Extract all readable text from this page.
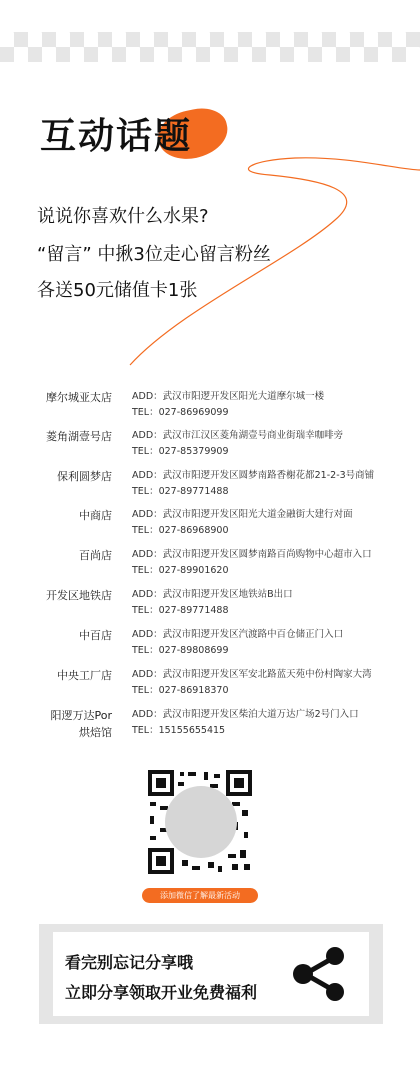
互动话题
说说你喜欢什么水果?
“留言” 中揪3位走心留言粉丝
各送50元储值卡1张
摩尔城亚太店 ADD：武汉市阳逻开发区阳光大道摩尔城一楼
TEL：027-86969099
菱角湖壹号店 ADD：武汉市江汉区菱角湖壹号商业街瑞幸咖啡旁
TEL：027-85379909
保利圆梦店 ADD：武汉市阳逻开发区圆梦南路香榭花都21-2-3号商铺
TEL：027-89771488
中商店 ADD：武汉市阳逻开发区阳光大道金融街大建行对面
TEL：027-86968900
百尚店 ADD：武汉市阳逻开发区圆梦南路百尚购物中心超市入口
TEL：027-89901620
开发区地铁店 ADD：武汉市阳逻开发区地铁站B出口
TEL：027-89771488
中百店 ADD：武汉市阳逻开发区汽渡路中百仓储正门入口
TEL：027-89808699
中央工厂店 ADD：武汉市阳逻开发区军安北路蓝天苑中份村陶家大湾
TEL：027-86918370
阳逻万达Por
烘焙馆
ADD：武汉市阳逻开发区柴泊大道万达广场2号门入口
TEL：15155655415
添加微信了解最新活动
看完别忘记分享哦
立即分享领取开业免费福利
